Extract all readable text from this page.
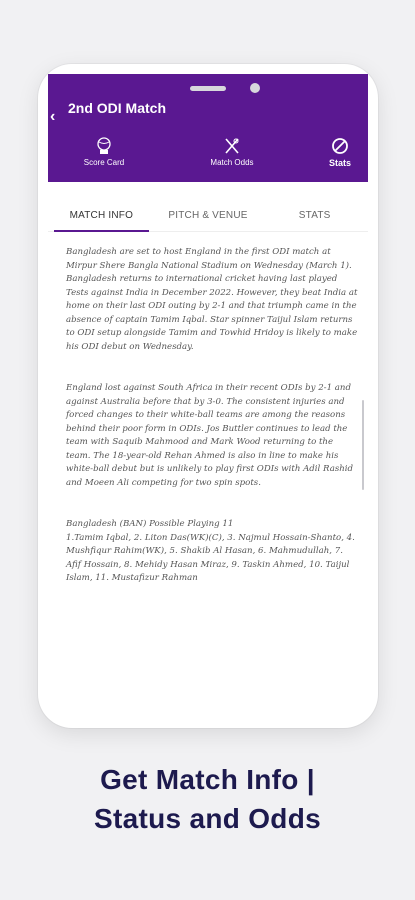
‹ 2nd ODI Match
Score Card	Match Odds	Stats
MATCH INFO	PITCH & VENUE	STATS

Bangladesh are set to host England in the first ODI match at Mirpur Shere Bangla National Stadium on Wednesday (March 1). Bangladesh returns to international cricket having last played Tests against India in December 2022. However, they beat India at home on their last ODI outing by 2-1 and that triumph came in the absence of captain Tamim Iqbal. Star spinner Taijul Islam returns to ODI setup alongside Tamim and Towhid Hridoy is likely to make his ODI debut on Wednesday.

England lost against South Africa in their recent ODIs by 2-1 and against Australia before that by 3-0. The consistent injuries and forced changes to their white-ball teams are among the reasons behind their poor form in ODIs. Jos Buttler continues to lead the team with Saquib Mahmood and Mark Wood returning to the team. The 18-year-old Rehan Ahmed is also in line to make his white-ball debut but is unlikely to play first ODIs with Adil Rashid and Moeen Ali competing for two spin spots.

Bangladesh (BAN) Possible Playing 11
1.Tamim Iqbal, 2. Liton Das(WK)(C), 3. Najmul Hossain-Shanto, 4. Mushfiqur Rahim(WK), 5. Shakib Al Hasan, 6. Mahmudullah, 7. Afif Hossain, 8. Mehidy Hasan Miraz, 9. Taskin Ahmed, 10. Taijul Islam, 11. Mustafizur Rahman

Get Match Info |
Status and Odds
